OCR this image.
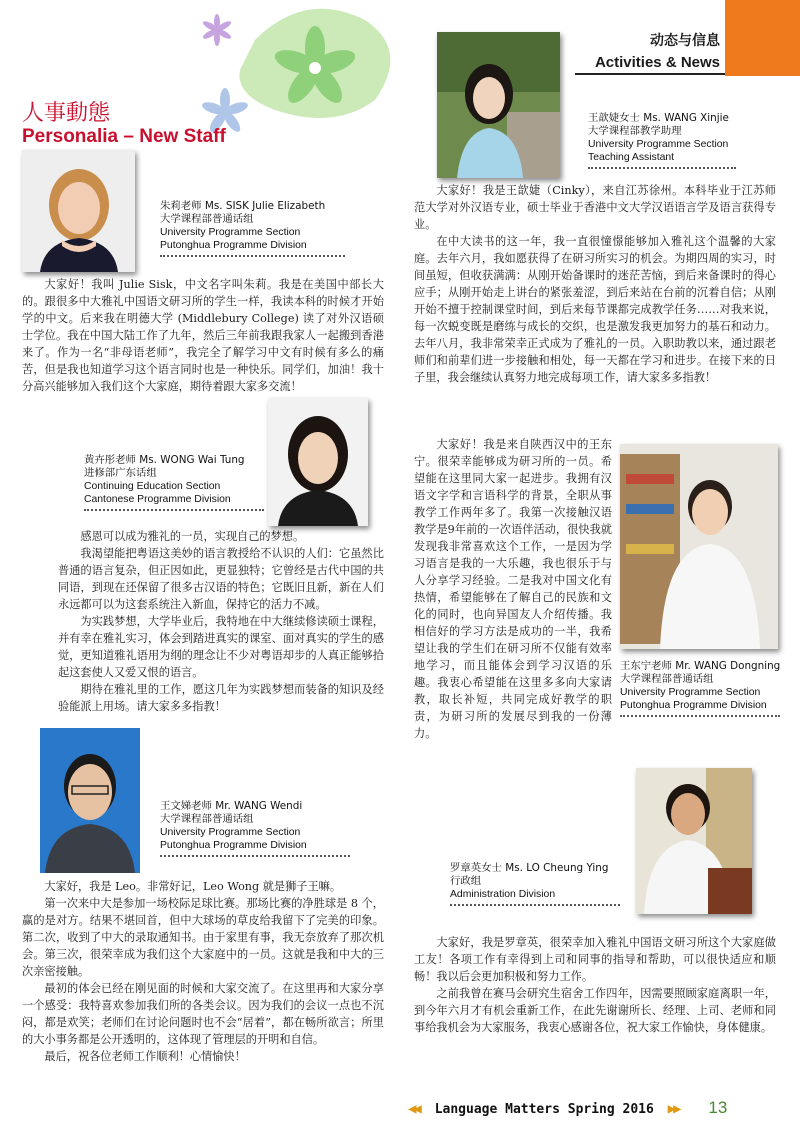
动态与信息
Activities & News
人事動態
Personalia – New Staff
朱莉老师 Ms. SISK Julie Elizabeth
大学课程部普通话组
University Programme Section
Putonghua Programme Division
大家好！我叫 Julie Sisk，中文名字叫朱莉。我是在美国中部长大的。跟很多中大雅礼中国语文研习所的学生一样，我读本科的时候才开始学的中文。后来我在明德大学 (Middlebury College) 读了对外汉语硕士学位。我在中国大陆工作了九年，然后三年前我跟我家人一起搬到香港来了。作为一名“非母语老师”，我完全了解学习中文有时候有多么的痛苦，但是我也知道学习这个语言同时也是一种快乐。同学们，加油！我十分高兴能够加入我们这个大家庭，期待着跟大家多交流！
王歆婕女士 Ms. WANG Xinjie
大学课程部教学助理
University Programme Section
Teaching Assistant
大家好！我是王歆婕（Cinky），来自江苏徐州。本科毕业于江苏师范大学对外汉语专业，硕士毕业于香港中文大学汉语语言学及语言获得专业。
在中大读书的这一年，我一直很憧憬能够加入雅礼这个温馨的大家庭。去年六月，我如愿获得了在研习所实习的机会。为期四周的实习，时间虽短，但收获满满：从刚开始备课时的迷茫苦恼，到后来备课时的得心应手；从刚开始走上讲台的紧张羞涩，到后来站在台前的沉着自信；从刚开始不擅于控制课堂时间，到后来每节课都完成教学任务……对我来说，每一次蜕变既是磨练与成长的交织，也是激发我更加努力的基石和动力。去年八月，我非常荣幸正式成为了雅礼的一员。入职助教以来，通过跟老师们和前辈们进一步接触和相处，每一天都在学习和进步。在接下来的日子里，我会继续认真努力地完成每项工作，请大家多多指教！
黄卉彤老师 Ms. WONG Wai Tung
进修部广东话组
Continuing Education Section
Cantonese Programme Division
感恩可以成为雅礼的一员，实现自己的梦想。
我渴望能把粤语这美妙的语言教授给不认识的人们：它虽然比普通的语言复杂，但正因如此，更显独特；它曾经是古代中国的共同语，到现在还保留了很多古汉语的特色；它既旧且新，新在人们永远都可以为这套系统注入新血，保持它的活力不减。
为实践梦想，大学毕业后，我特地在中大继续修读硕士课程，并有幸在雅礼实习，体会到踏进真实的课室、面对真实的学生的感觉，更知道雅礼语用为纲的理念让不少对粤语却步的人真正能够拾起这套使人又爱又恨的语言。
期待在雅礼里的工作，愿这几年为实践梦想而装备的知识及经验能派上用场。请大家多多指教！
大家好！我是来自陕西汉中的王东宁。很荣幸能够成为研习所的一员。希望能在这里同大家一起进步。我拥有汉语文字学和言语科学的背景，全职从事教学工作两年多了。我第一次接触汉语教学是9年前的一次语伴活动，很快我就发现我非常喜欢这个工作，一是因为学习语言是我的一大乐趣，我也很乐于与人分享学习经验。二是我对中国文化有热情，希望能够在了解自己的民族和文化的同时，也向异国友人介绍传播。我相信好的学习方法是成功的一半，我希望让我的学生们在研习所不仅能有效率地学习，而且能体会到学习汉语的乐趣。我衷心希望能在这里多多向大家请教，取长补短，共同完成好教学的职责，为研习所的发展尽到我的一份薄力。
王东宁老师 Mr. WANG Dongning
大学课程部普通话组
University Programme Section
Putonghua Programme Division
王文娣老师 Mr. WANG Wendi
大学课程部普通话组
University Programme Section
Putonghua Programme Division
大家好，我是 Leo。非常好记，Leo Wong 就是狮子王嘛。
第一次来中大是参加一场校际足球比赛。那场比赛的净胜球是 8 个，赢的是对方。结果不堪回首，但中大球场的草皮给我留下了完美的印象。第二次，收到了中大的录取通知书。由于家里有事，我无奈放弃了那次机会。第三次，很荣幸成为我们这个大家庭中的一员。这就是我和中大的三次亲密接触。
最初的体会已经在刚见面的时候和大家交流了。在这里再和大家分享一个感受：我特喜欢参加我们所的各类会议。因为我们的会议一点也不沉闷，都是欢笑；老师们在讨论问题时也不会“居着”，都在畅所欲言；所里的大小事务都是公开透明的，这体现了管理层的开明和自信。
最后，祝各位老师工作顺利！心情愉快！
罗章英女士 Ms. LO Cheung Ying
行政组
Administration Division
大家好，我是罗章英，很荣幸加入雅礼中国语文研习所这个大家庭做工友！各项工作有幸得到上司和同事的指导和帮助，可以很快适应和顺畅！我以后会更加积极和努力工作。
之前我曾在赛马会研究生宿舍工作四年，因需要照顾家庭离职一年，到今年六月才有机会重新工作，在此先谢谢所长、经理、上司、老师和同事给我机会为大家服务，我衷心感谢各位，祝大家工作愉快，身体健康。
◀◀ Language Matters Spring 2016 ▶▶ 13
